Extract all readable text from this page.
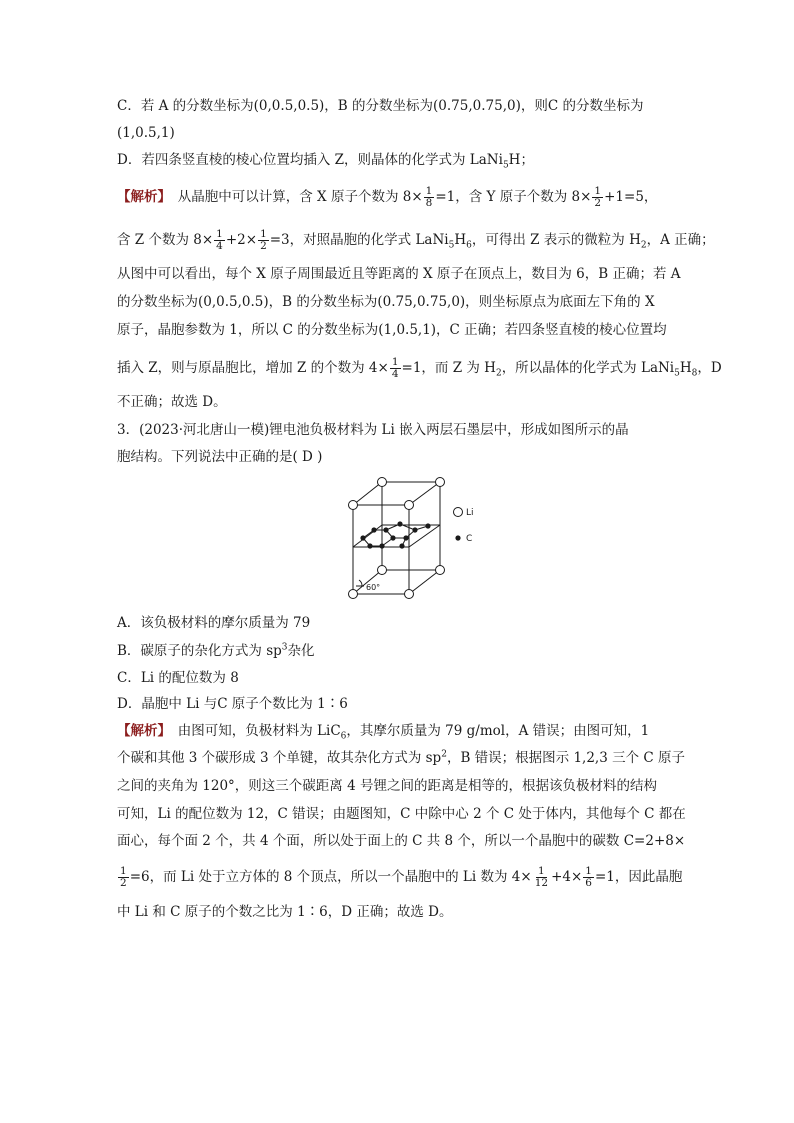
C．若 A 的分数坐标为(0,0.5,0.5)，B 的分数坐标为(0.75,0.75,0)，则C 的分数坐标为
(1,0.5,1)
D．若四条竖直棱的棱心位置均插入 Z，则晶体的化学式为 LaNi$_5$H；
【解析】　从晶胞中可以计算，含 X 原子个数为 $8\times \frac{1}{8} =1$，含 Y 原子个数为 $8\times \frac{1}{2} +1=5$，
含 Z 个数为 $8\times \frac{1}{4} +2\times \frac{1}{2} =3$，对照晶胞的化学式 $LaNi_5H_6$，可得出 Z 表示的微粒为 $H_2$，A 正确；
从图中可以看出，每个 X 原子周围最近且等距离的 X 原子在顶点上，数目为 6，B 正确；若 A
的分数坐标为(0,0.5,0.5)，B 的分数坐标为(0.75,0.75,0)，则坐标原点为底面左下角的 X
原子，晶胞参数为 1，所以 C 的分数坐标为(1,0.5,1)，C 正确；若四条竖直棱的棱心位置均
插入 Z，则与原晶胞比，增加 Z 的个数为 $4\times \frac{1}{4} =1$，而 Z 为 $H_2$，所以晶体的化学式为 $LaNi_5H_8$，D
不正确；故选 D。
3．(2023·河北唐山一模)锂电池负极材料为 Li 嵌入两层石墨层中，形成如图所示的晶
胞结构。下列说法中正确的是( D )
Li
C
60°
A．该负极材料的摩尔质量为 79
B．碳原子的杂化方式为 $sp^3$杂化
C．Li 的配位数为 8
D．晶胞中 Li 与C 原子个数比为 1∶6
【解析】　由图可知，负极材料为 LiC$_6$，其摩尔质量为 79 g/mol，A 错误；由图可知，1
个碳和其他 3 个碳形成 3 个单键，故其杂化方式为 $sp^2$，B 错误；根据图示 1,2,3 三个 C 原子
之间的夹角为 120°，则这三个碳距离 4 号锂之间的距离是相等的，根据该负极材料的结构
可知，Li 的配位数为 12，C 错误；由题图知，C 中除中心 2 个 C 处于体内，其他每个 C 都在
面心，每个面 2 个，共 4 个面，所以处于面上的 C 共 8 个，所以一个晶胞中的碳数 C=2+8×
$\frac{1}{2} =6$，而 Li 处于立方体的 8 个顶点，所以一个晶胞中的 Li 数为 $4\times \frac{1}{12} +4\times \frac{1}{6} =1$，因此晶胞
中 Li 和 C 原子的个数之比为 1∶6，D 正确；故选 D。
